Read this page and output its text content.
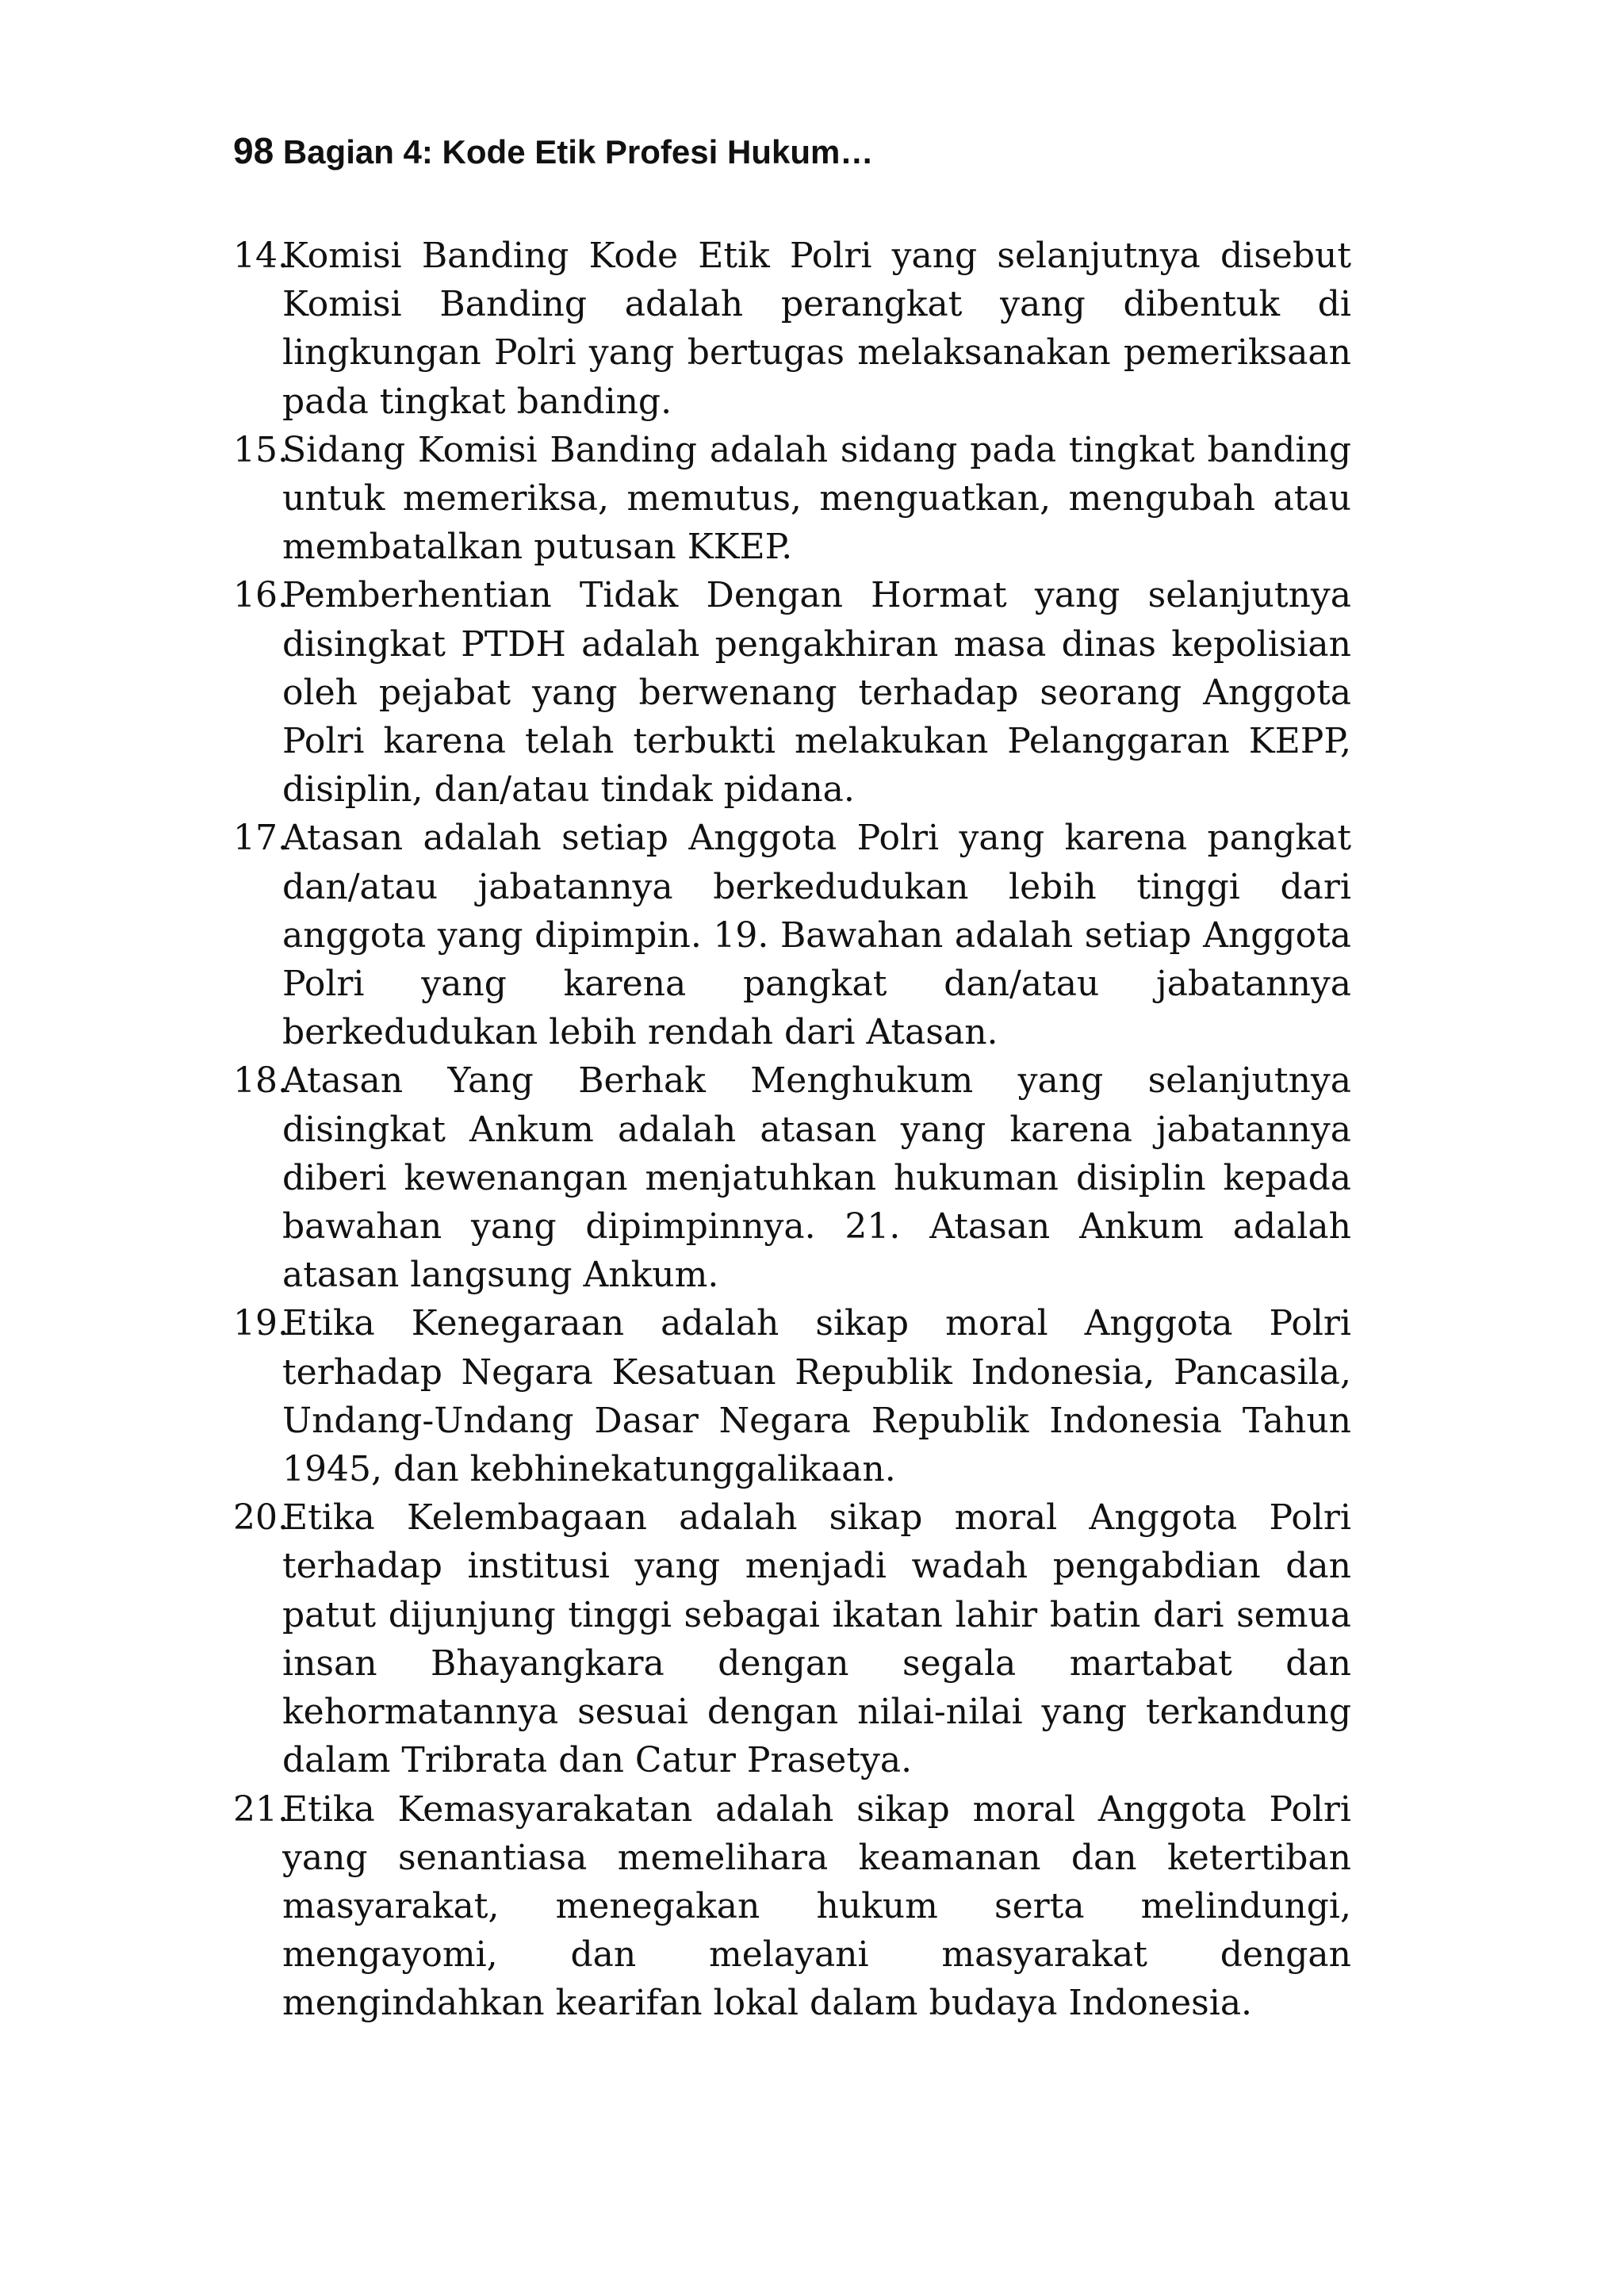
98 Bagian 4: Kode Etik Profesi Hukum…
14.
Komisi Banding Kode Etik Polri yang selanjutnya disebut Komisi Banding adalah perangkat yang dibentuk di lingkungan Polri yang bertugas melaksanakan pemeriksaan pada tingkat banding.
15.
Sidang Komisi Banding adalah sidang pada tingkat banding untuk memeriksa, memutus, menguatkan, mengubah atau membatalkan putusan KKEP.
16.
Pemberhentian Tidak Dengan Hormat yang selanjutnya disingkat PTDH adalah pengakhiran masa dinas kepolisian oleh pejabat yang berwenang terhadap seorang Anggota Polri karena telah terbukti melakukan Pelanggaran KEPP, disiplin, dan/atau tindak pidana.
17.
Atasan adalah setiap Anggota Polri yang karena pangkat dan/atau jabatannya berkedudukan lebih tinggi dari anggota yang dipimpin. 19. Bawahan adalah setiap Anggota Polri yang karena pangkat dan/atau jabatannya berkedudukan lebih rendah dari Atasan.
18.
Atasan Yang Berhak Menghukum yang selanjutnya disingkat Ankum adalah atasan yang karena jabatannya diberi kewenangan menjatuhkan hukuman disiplin kepada bawahan yang dipimpinnya. 21. Atasan Ankum adalah atasan langsung Ankum.
19.
Etika Kenegaraan adalah sikap moral Anggota Polri terhadap Negara Kesatuan Republik Indonesia, Pancasila, Undang-Undang Dasar Negara Republik Indonesia Tahun 1945, dan kebhinekatunggalikaan.
20.
Etika Kelembagaan adalah sikap moral Anggota Polri terhadap institusi yang menjadi wadah pengabdian dan patut dijunjung tinggi sebagai ikatan lahir batin dari semua insan Bhayangkara dengan segala martabat dan kehormatannya sesuai dengan nilai-nilai yang terkandung dalam Tribrata dan Catur Prasetya.
21.
Etika Kemasyarakatan adalah sikap moral Anggota Polri yang senantiasa memelihara keamanan dan ketertiban masyarakat, menegakan hukum serta melindungi, mengayomi, dan melayani masyarakat dengan mengindahkan kearifan lokal dalam budaya Indonesia.
